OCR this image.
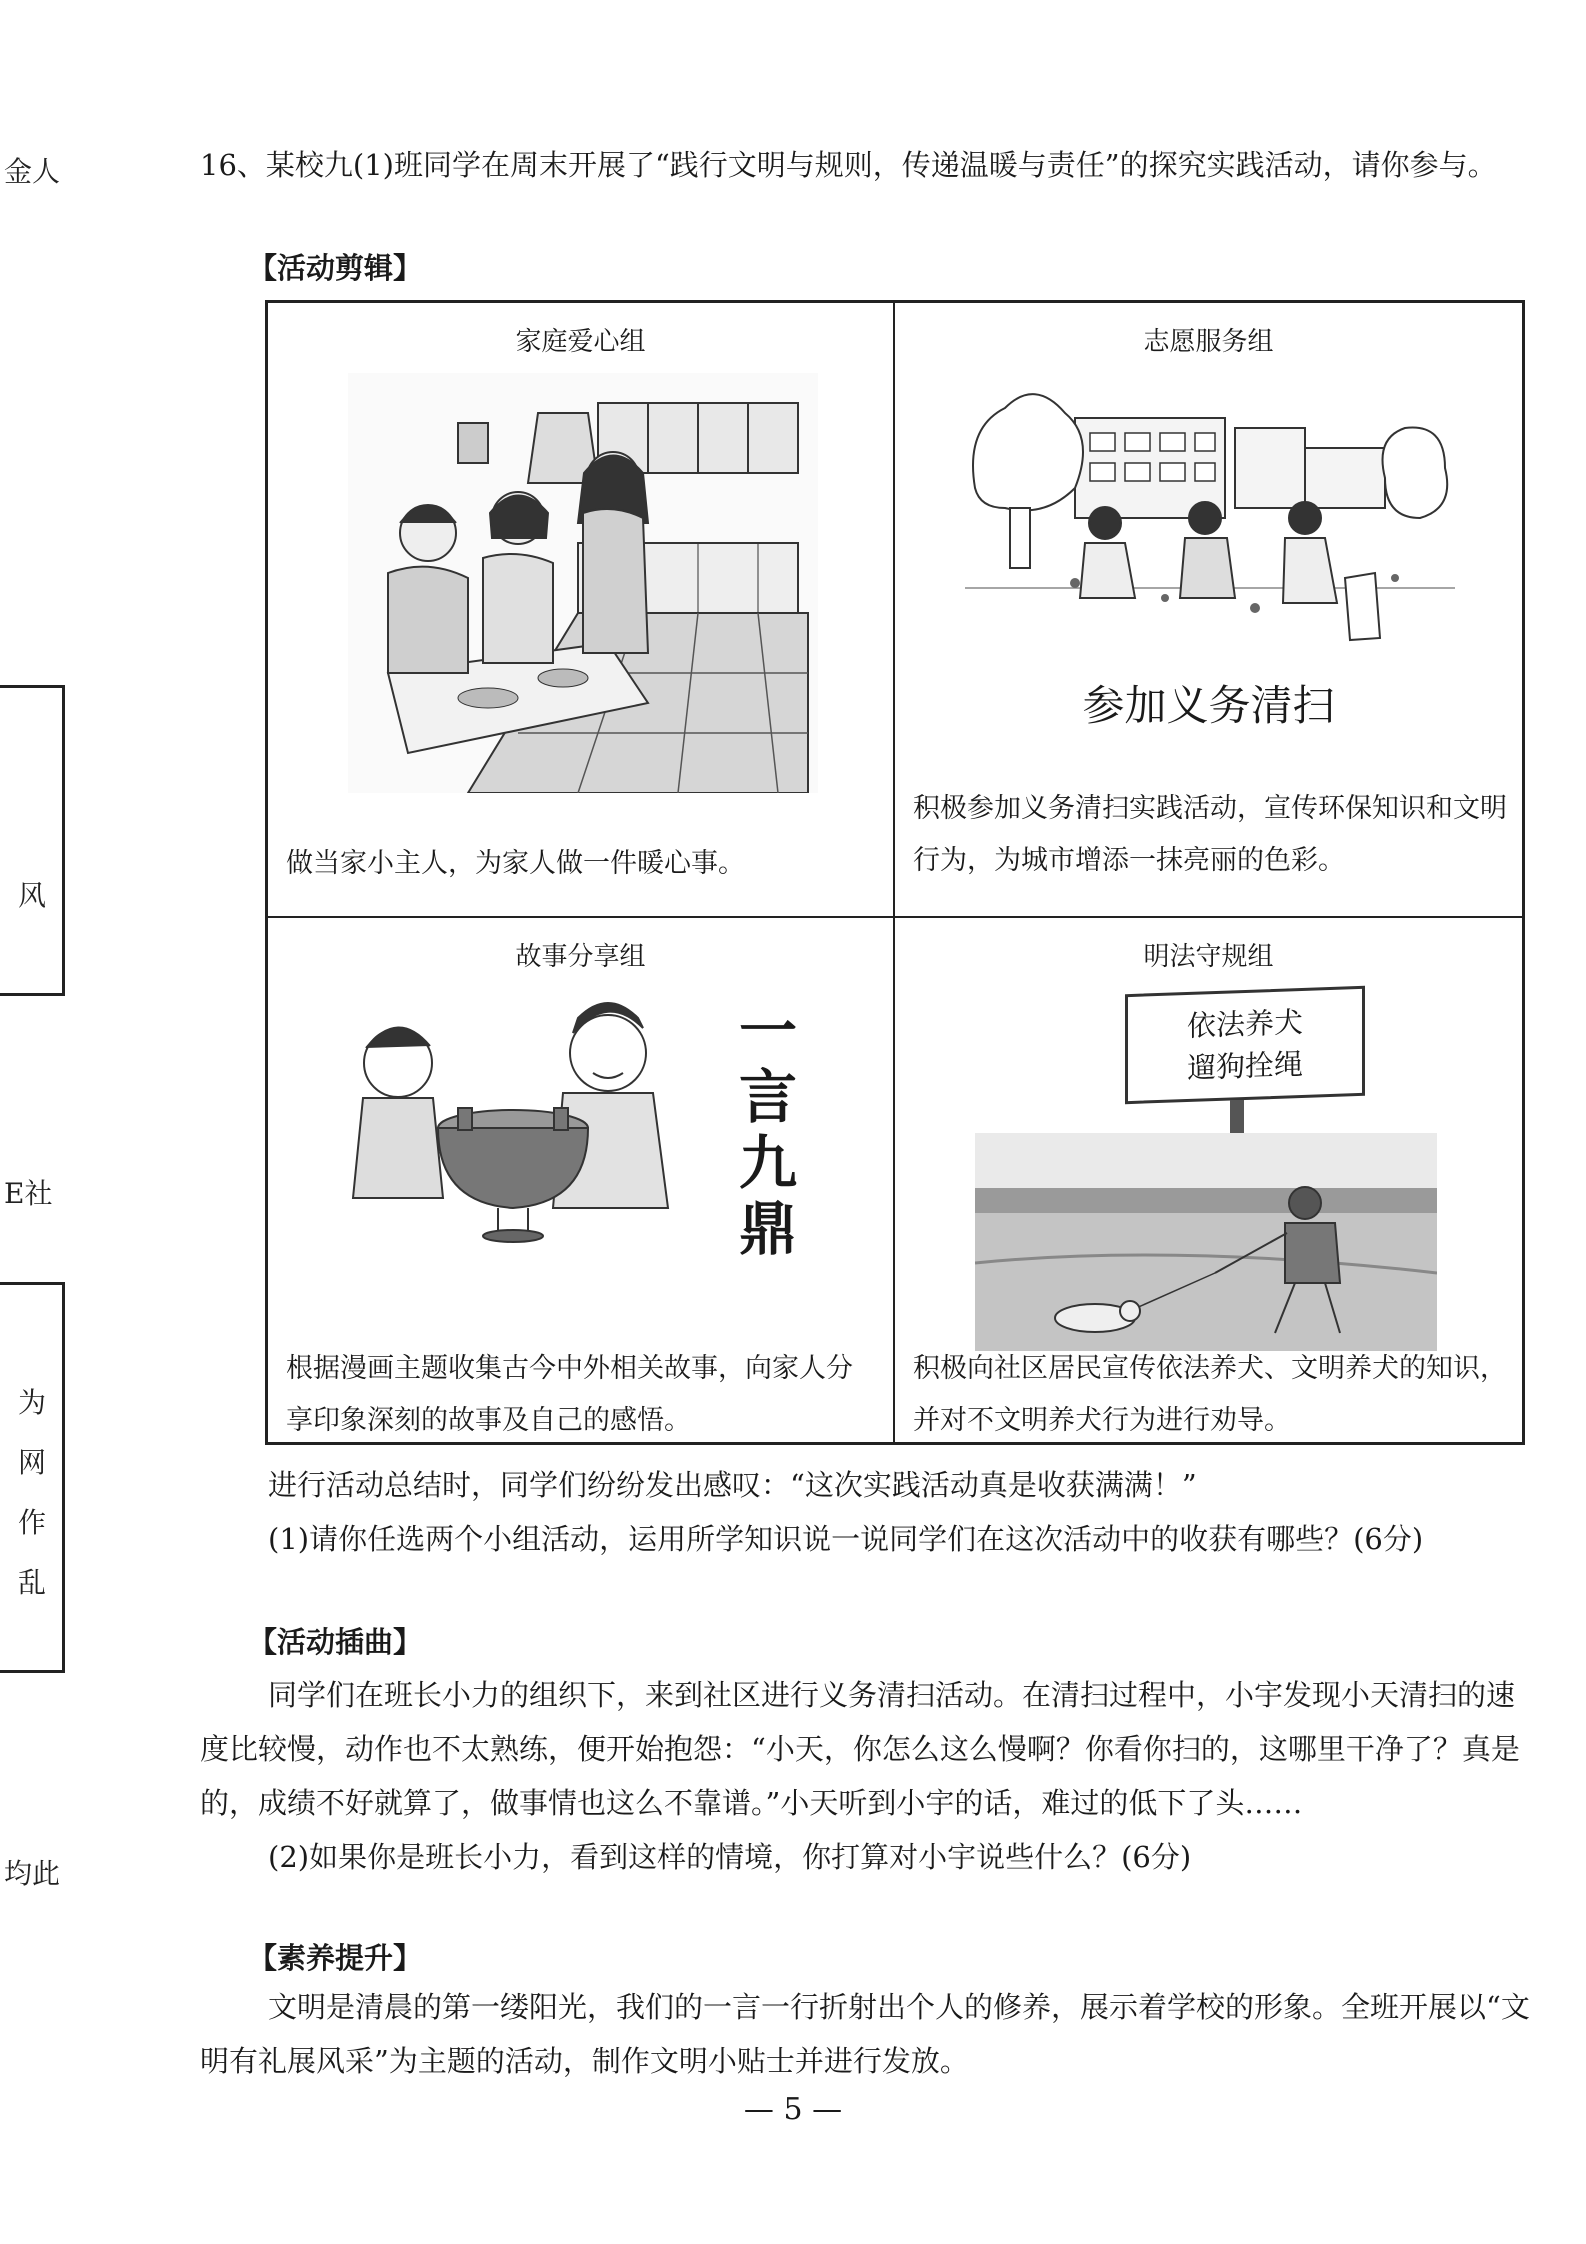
金人
风
E社
为
网
作
乱
均此
16、某校九(1)班同学在周末开展了“践行文明与规则，传递温暖与责任”的探究实践活动，请你参与。
【活动剪辑】
家庭爱心组
做当家小主人，为家人做一件暖心事。
志愿服务组
参加义务清扫
积极参加义务清扫实践活动，宣传环保知识和文明行为，为城市增添一抹亮丽的色彩。
故事分享组
一
言
九
鼎
根据漫画主题收集古今中外相关故事，向家人分享印象深刻的故事及自己的感悟。
明法守规组
依法养犬
遛狗拴绳
积极向社区居民宣传依法养犬、文明养犬的知识，并对不文明养犬行为进行劝导。
进行活动总结时，同学们纷纷发出感叹：“这次实践活动真是收获满满！”
(1)请你任选两个小组活动，运用所学知识说一说同学们在这次活动中的收获有哪些？(6分)
【活动插曲】
同学们在班长小力的组织下，来到社区进行义务清扫活动。在清扫过程中，小宇发现小天清扫的速度比较慢，动作也不太熟练，便开始抱怨：“小天，你怎么这么慢啊？你看你扫的，这哪里干净了？真是的，成绩不好就算了，做事情也这么不靠谱。”小天听到小宇的话，难过的低下了头……
(2)如果你是班长小力，看到这样的情境，你打算对小宇说些什么？(6分)
【素养提升】
文明是清晨的第一缕阳光，我们的一言一行折射出个人的修养，展示着学校的形象。全班开展以“文明有礼展风采”为主题的活动，制作文明小贴士并进行发放。
— 5 —
